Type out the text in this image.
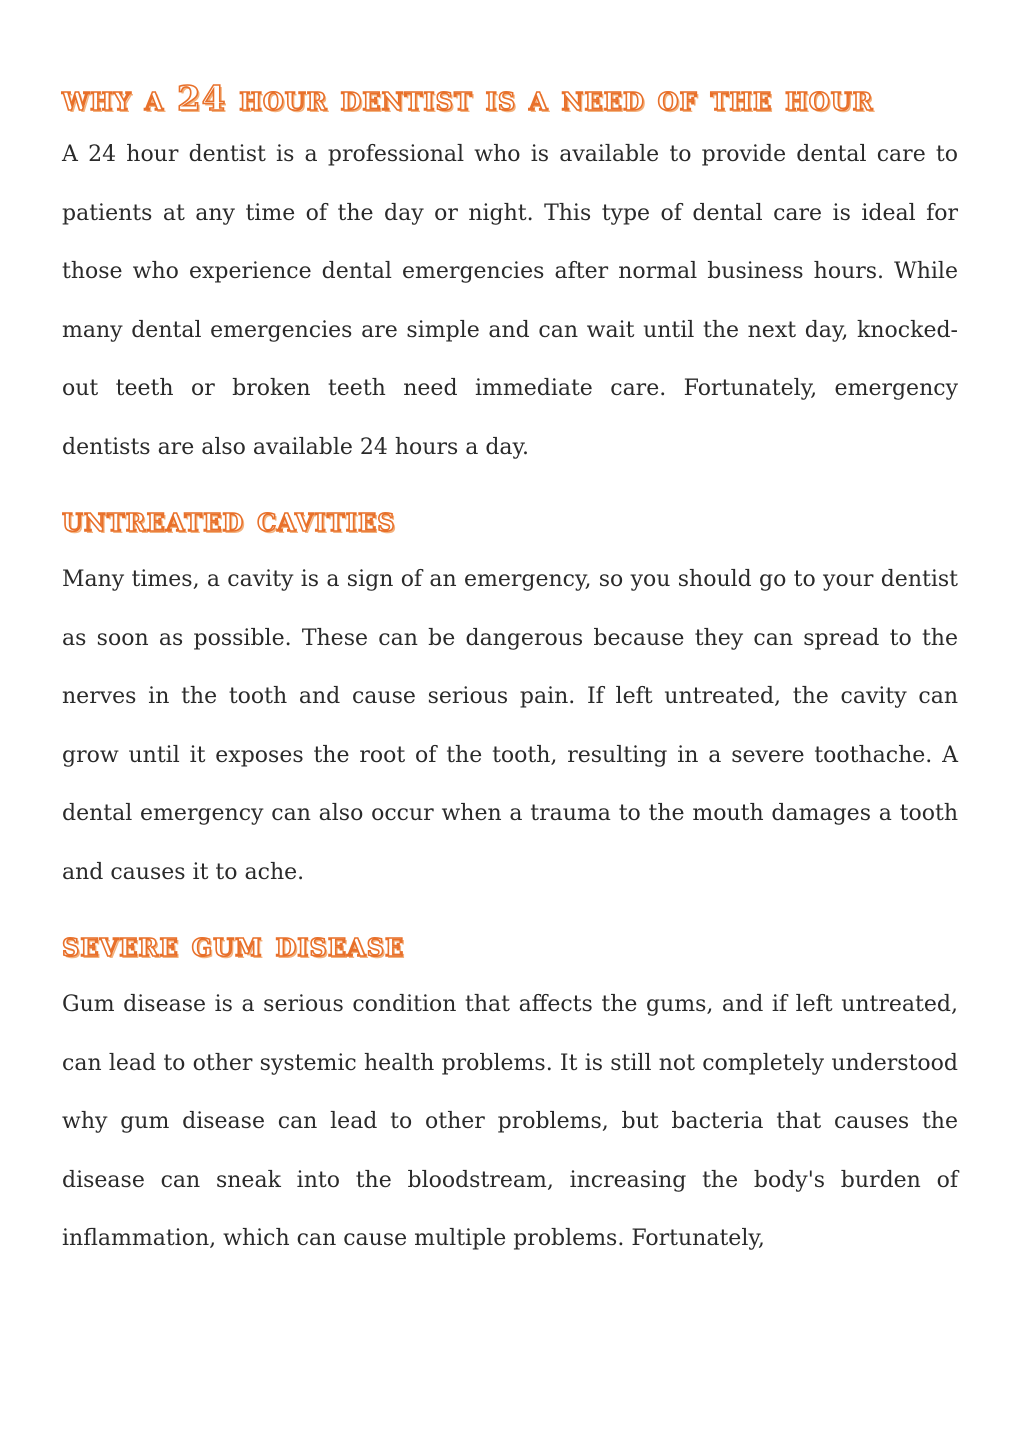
why a 24 hour dentist is a need of the hour

A 24 hour dentist is a professional who is available to provide dental care to patients at any time of the day or night. This type of dental care is ideal for those who experience dental emergencies after normal business hours. While many dental emergencies are simple and can wait until the next day, knocked-out teeth or broken teeth need immediate care. Fortunately, emergency dentists are also available 24 hours a day.

untreated cavities

Many times, a cavity is a sign of an emergency, so you should go to your dentist as soon as possible. These can be dangerous because they can spread to the nerves in the tooth and cause serious pain. If left untreated, the cavity can grow until it exposes the root of the tooth, resulting in a severe toothache. A dental emergency can also occur when a trauma to the mouth damages a tooth and causes it to ache.

severe gum disease

Gum disease is a serious condition that affects the gums, and if left untreated, can lead to other systemic health problems. It is still not completely understood why gum disease can lead to other problems, but bacteria that causes the disease can sneak into the bloodstream, increasing the body's burden of inflammation, which can cause multiple problems. Fortunately,
